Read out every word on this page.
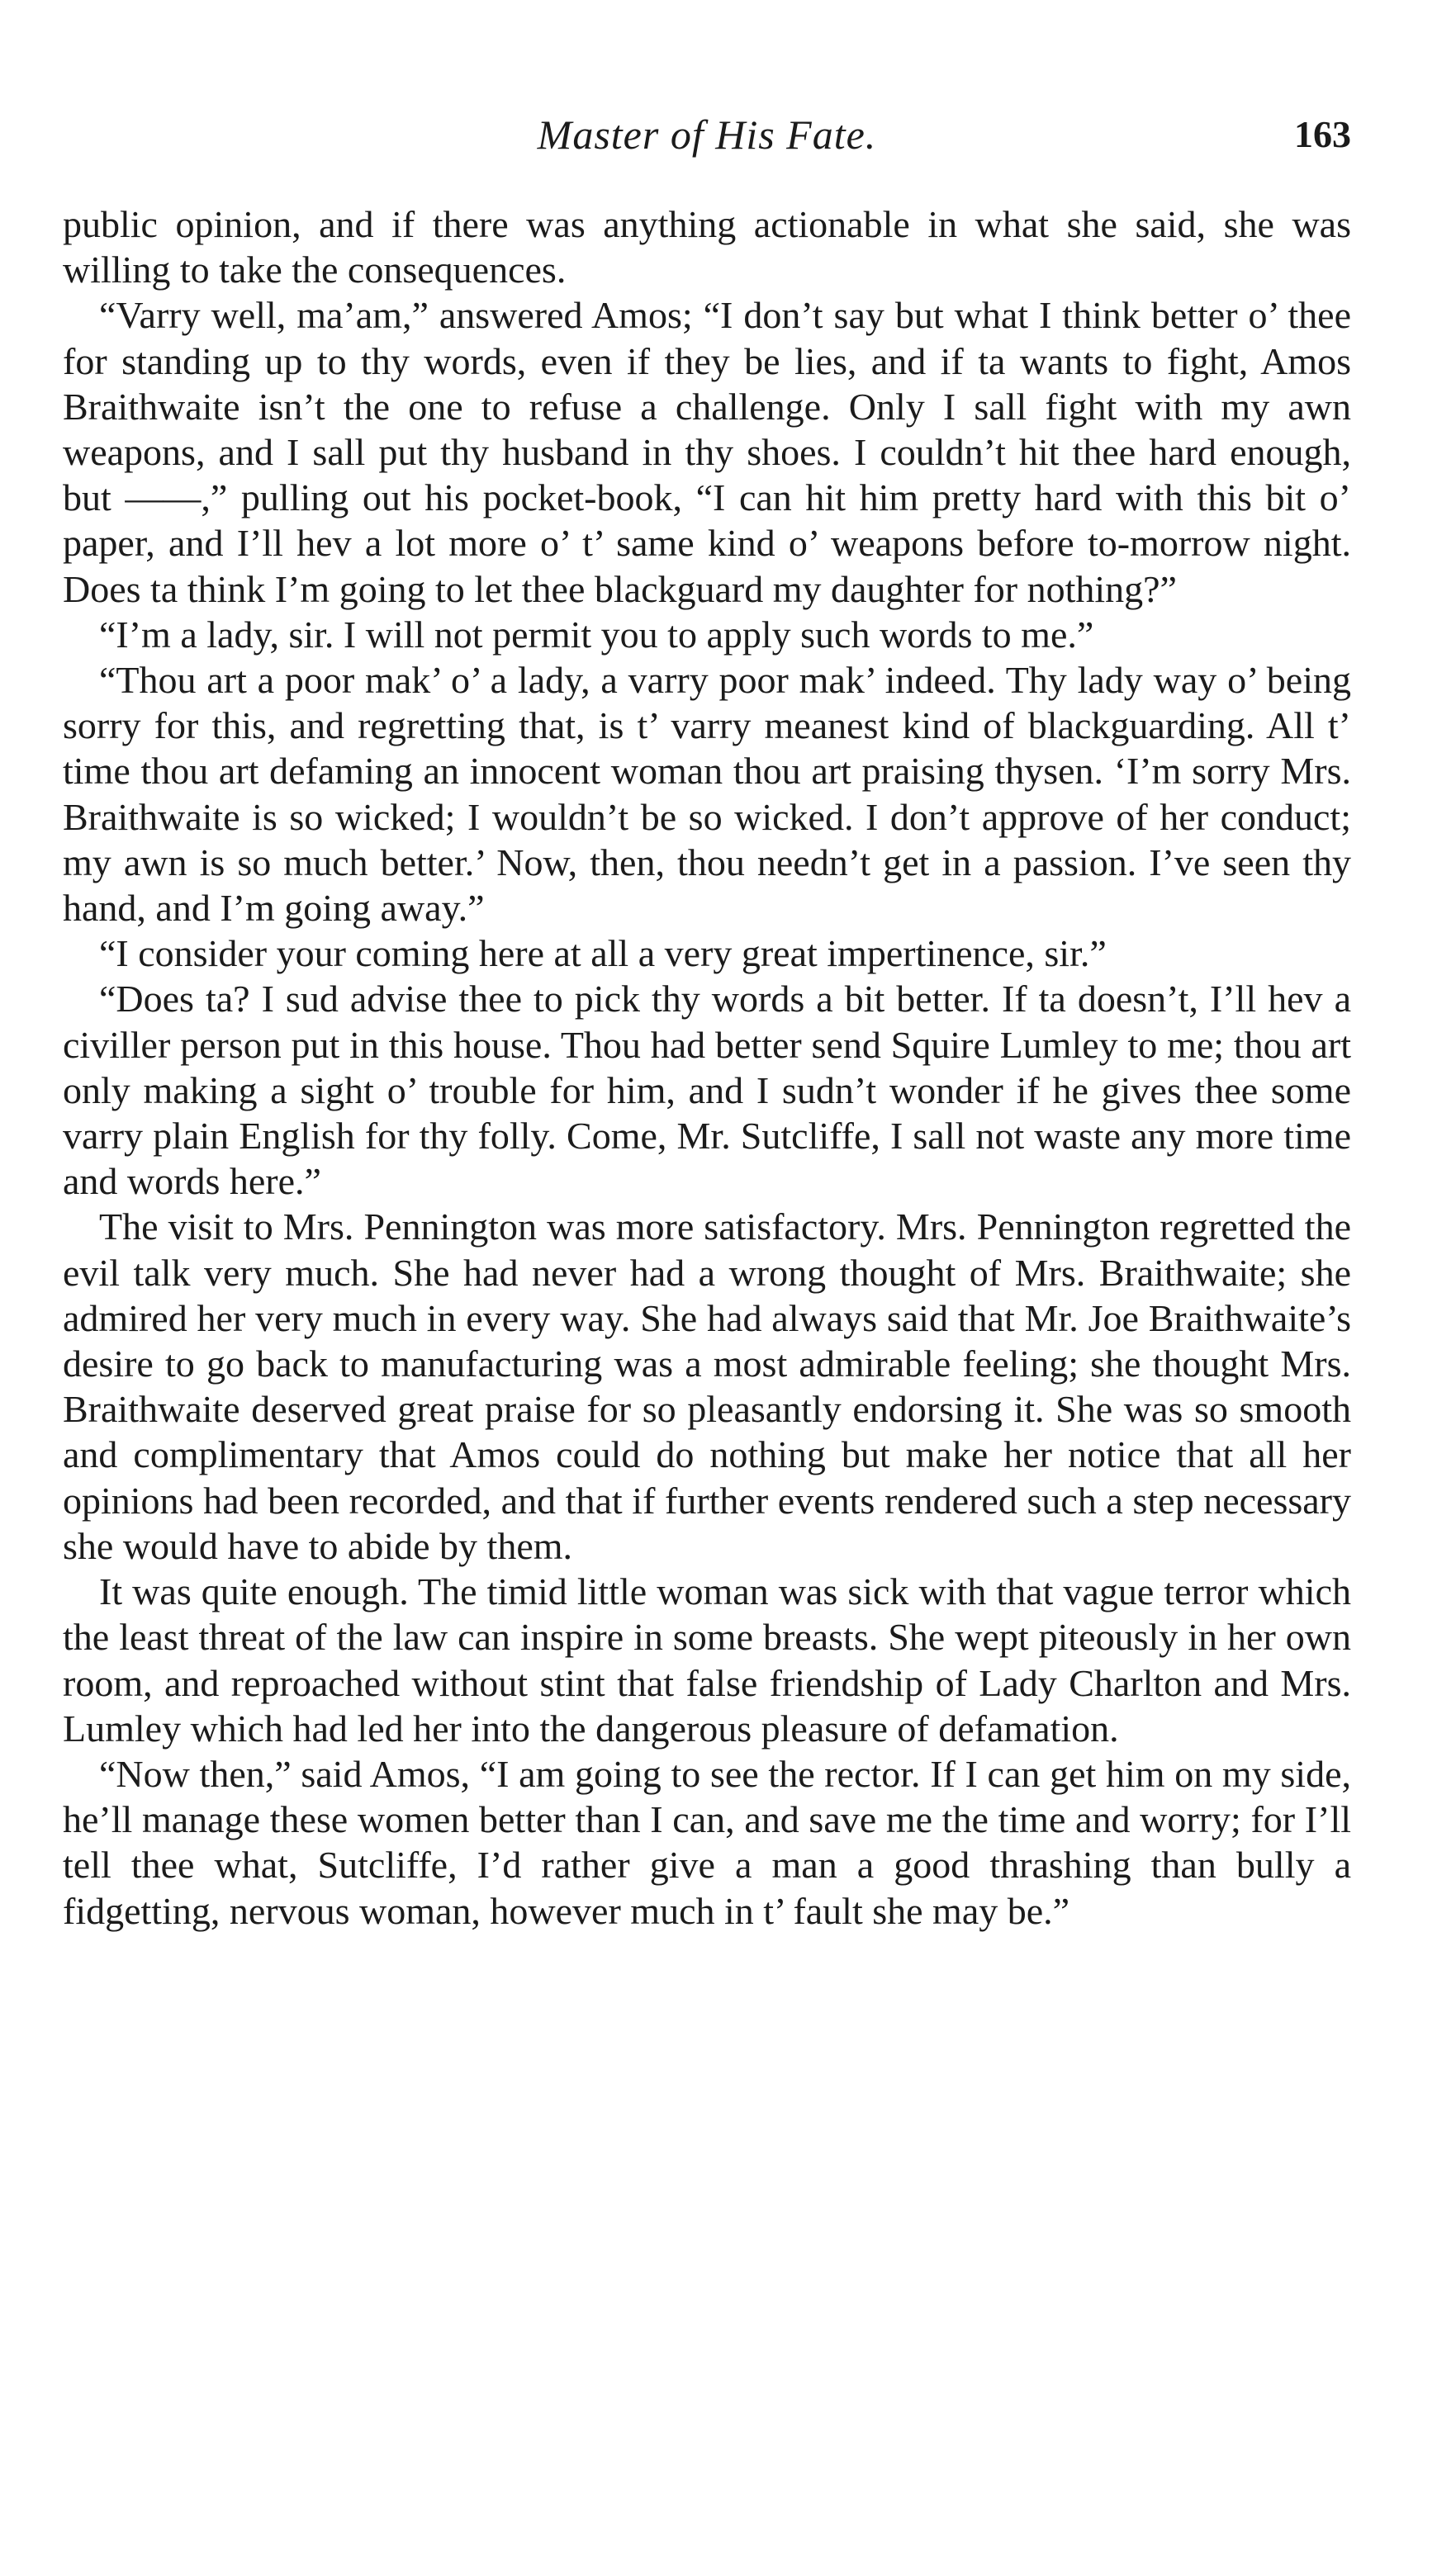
Master of His Fate.	163

public opinion, and if there was anything actionable in what she said, she was willing to take the consequences.

“Varry well, ma’am,” answered Amos; “I don’t say but what I think better o’ thee for standing up to thy words, even if they be lies, and if ta wants to fight, Amos Braithwaite isn’t the one to refuse a challenge. Only I sall fight with my awn weapons, and I sall put thy husband in thy shoes. I couldn’t hit thee hard enough, but ——,” pulling out his pocket-book, “I can hit him pretty hard with this bit o’ paper, and I’ll hev a lot more o’ t’ same kind o’ weapons before to-morrow night. Does ta think I’m going to let thee blackguard my daughter for nothing?”

“I’m a lady, sir. I will not permit you to apply such words to me.”

“Thou art a poor mak’ o’ a lady, a varry poor mak’ indeed. Thy lady way o’ being sorry for this, and regretting that, is t’ varry meanest kind of blackguarding. All t’ time thou art defaming an innocent woman thou art praising thysen. ‘I’m sorry Mrs. Braithwaite is so wicked; I wouldn’t be so wicked. I don’t approve of her conduct; my awn is so much better.’ Now, then, thou needn’t get in a passion. I’ve seen thy hand, and I’m going away.”

“I consider your coming here at all a very great impertinence, sir.”

“Does ta? I sud advise thee to pick thy words a bit better. If ta doesn’t, I’ll hev a civiller person put in this house. Thou had better send Squire Lumley to me; thou art only making a sight o’ trouble for him, and I sudn’t wonder if he gives thee some varry plain English for thy folly. Come, Mr. Sutcliffe, I sall not waste any more time and words here.”

The visit to Mrs. Pennington was more satisfactory. Mrs. Pennington regretted the evil talk very much. She had never had a wrong thought of Mrs. Braithwaite; she admired her very much in every way. She had always said that Mr. Joe Braithwaite’s desire to go back to manufacturing was a most admirable feeling; she thought Mrs. Braithwaite deserved great praise for so pleasantly endorsing it. She was so smooth and complimentary that Amos could do nothing but make her notice that all her opinions had been recorded, and that if further events rendered such a step necessary she would have to abide by them.

It was quite enough. The timid little woman was sick with that vague terror which the least threat of the law can inspire in some breasts. She wept piteously in her own room, and reproached without stint that false friendship of Lady Charlton and Mrs. Lumley which had led her into the dangerous pleasure of defamation.

“Now then,” said Amos, “I am going to see the rector. If I can get him on my side, he’ll manage these women better than I can, and save me the time and worry; for I’ll tell thee what, Sutcliffe, I’d rather give a man a good thrashing than bully a fidgetting, nervous woman, however much in t’ fault she may be.”
